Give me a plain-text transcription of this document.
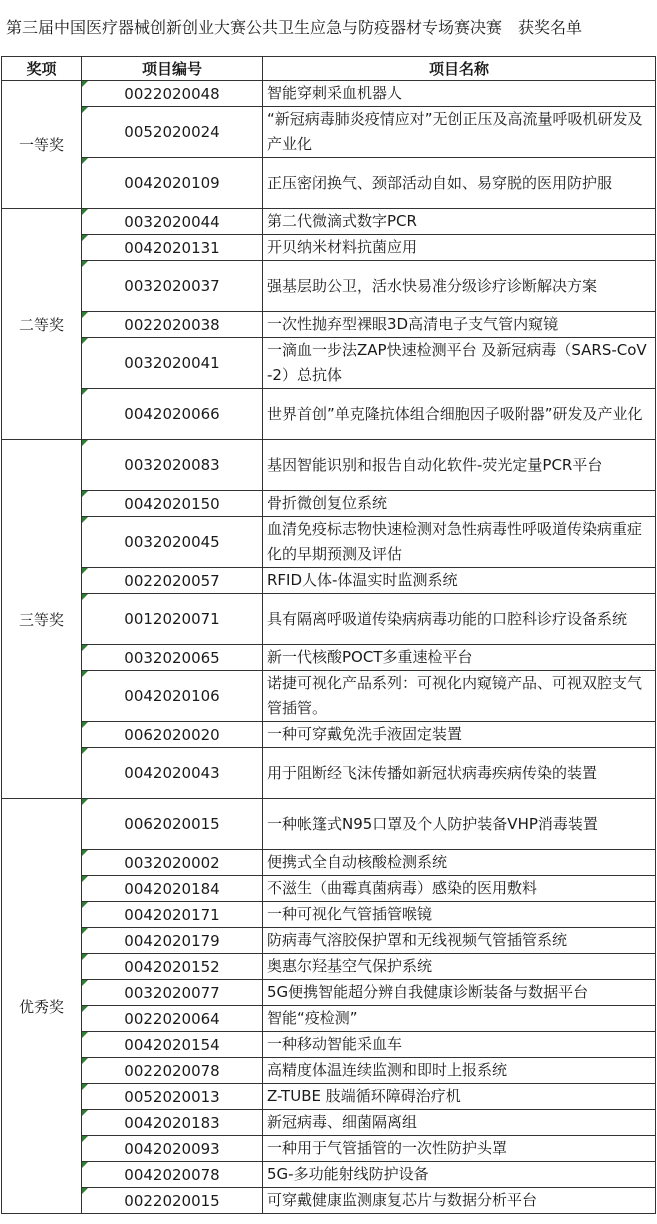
第三届中国医疗器械创新创业大赛公共卫生应急与防疫器材专场赛决赛　获奖名单
奖项	项目编号	项目名称
一等奖	0022020048	智能穿刺采血机器人
	0052020024	“新冠病毒肺炎疫情应对”无创正压及高流量呼吸机研发及产业化
	0042020109	正压密闭换气、颈部活动自如、易穿脱的医用防护服
二等奖	0032020044	第二代微滴式数字PCR
	0042020131	开贝纳米材料抗菌应用
	0032020037	强基层助公卫，活水快易准分级诊疗诊断解决方案
	0022020038	一次性抛弃型裸眼3D高清电子支气管内窥镜
	0032020041	一滴血一步法ZAP快速检测平台 及新冠病毒（SARS-CoV-2）总抗体
	0042020066	世界首创”单克隆抗体组合细胞因子吸附器”研发及产业化
三等奖	0032020083	基因智能识别和报告自动化软件-荧光定量PCR平台
	0042020150	骨折微创复位系统
	0032020045	血清免疫标志物快速检测对急性病毒性呼吸道传染病重症化的早期预测及评估
	0022020057	RFID人体-体温实时监测系统
	0012020071	具有隔离呼吸道传染病病毒功能的口腔科诊疗设备系统
	0032020065	新一代核酸POCT多重速检平台
	0042020106	诺捷可视化产品系列：可视化内窥镜产品、可视双腔支气管插管。
	0062020020	一种可穿戴免洗手液固定装置
	0042020043	用于阻断经飞沫传播如新冠状病毒疾病传染的装置
优秀奖	0062020015	一种帐篷式N95口罩及个人防护装备VHP消毒装置
	0032020002	便携式全自动核酸检测系统
	0042020184	不滋生（曲霉真菌病毒）感染的医用敷料
	0042020171	一种可视化气管插管喉镜
	0042020179	防病毒气溶胶保护罩和无线视频气管插管系统
	0042020152	奥惠尔羟基空气保护系统
	0032020077	5G便携智能超分辨自我健康诊断装备与数据平台
	0022020064	智能“疫检测”
	0042020154	一种移动智能采血车
	0022020078	高精度体温连续监测和即时上报系统
	0052020013	Z-TUBE 肢端循环障碍治疗机
	0042020183	新冠病毒、细菌隔离组
	0042020093	一种用于气管插管的一次性防护头罩
	0042020078	5G-多功能射线防护设备
	0022020015	可穿戴健康监测康复芯片与数据分析平台
